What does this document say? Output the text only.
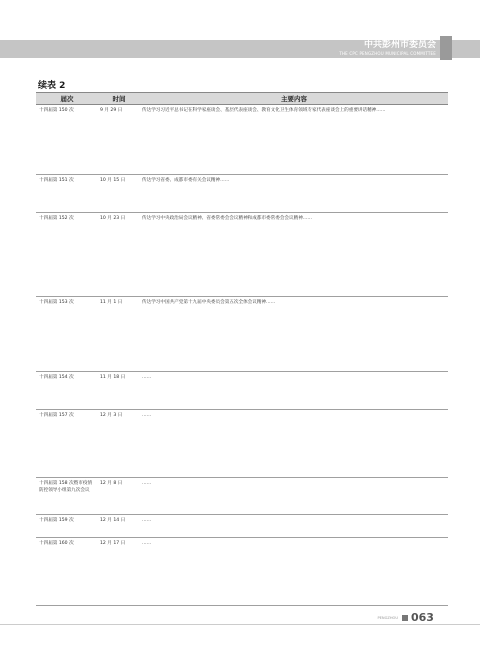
中共彭州市委员会
THE CPC PENGZHOU MUNICIPAL COMMITTEE
续表 2
届次	时间	主要内容
十四届第 150 次	9 月 29 日	传达学习习近平总书记在科学家座谈会、基层代表座谈会、教育文化卫生体育领域专家代表座谈会上的重要讲话精神……
十四届第 151 次	10 月 15 日	传达学习省委、成都市委有关会议精神……
十四届第 152 次	10 月 23 日	传达学习中央政治局会议精神、省委常委会会议精神和成都市委常委会会议精神……
十四届第 153 次	11 月 1 日	传达学习中国共产党第十九届中央委员会第五次全体会议精神……
十四届第 154 次	11 月 18 日	……
十四届第 157 次	12 月 3 日	……
十四届第 158 次暨市疫情防控领导小组第九次会议	12 月 8 日	……
十四届第 159 次	12 月 14 日	……
十四届第 160 次	12 月 17 日	……
PENGZHOU	063
